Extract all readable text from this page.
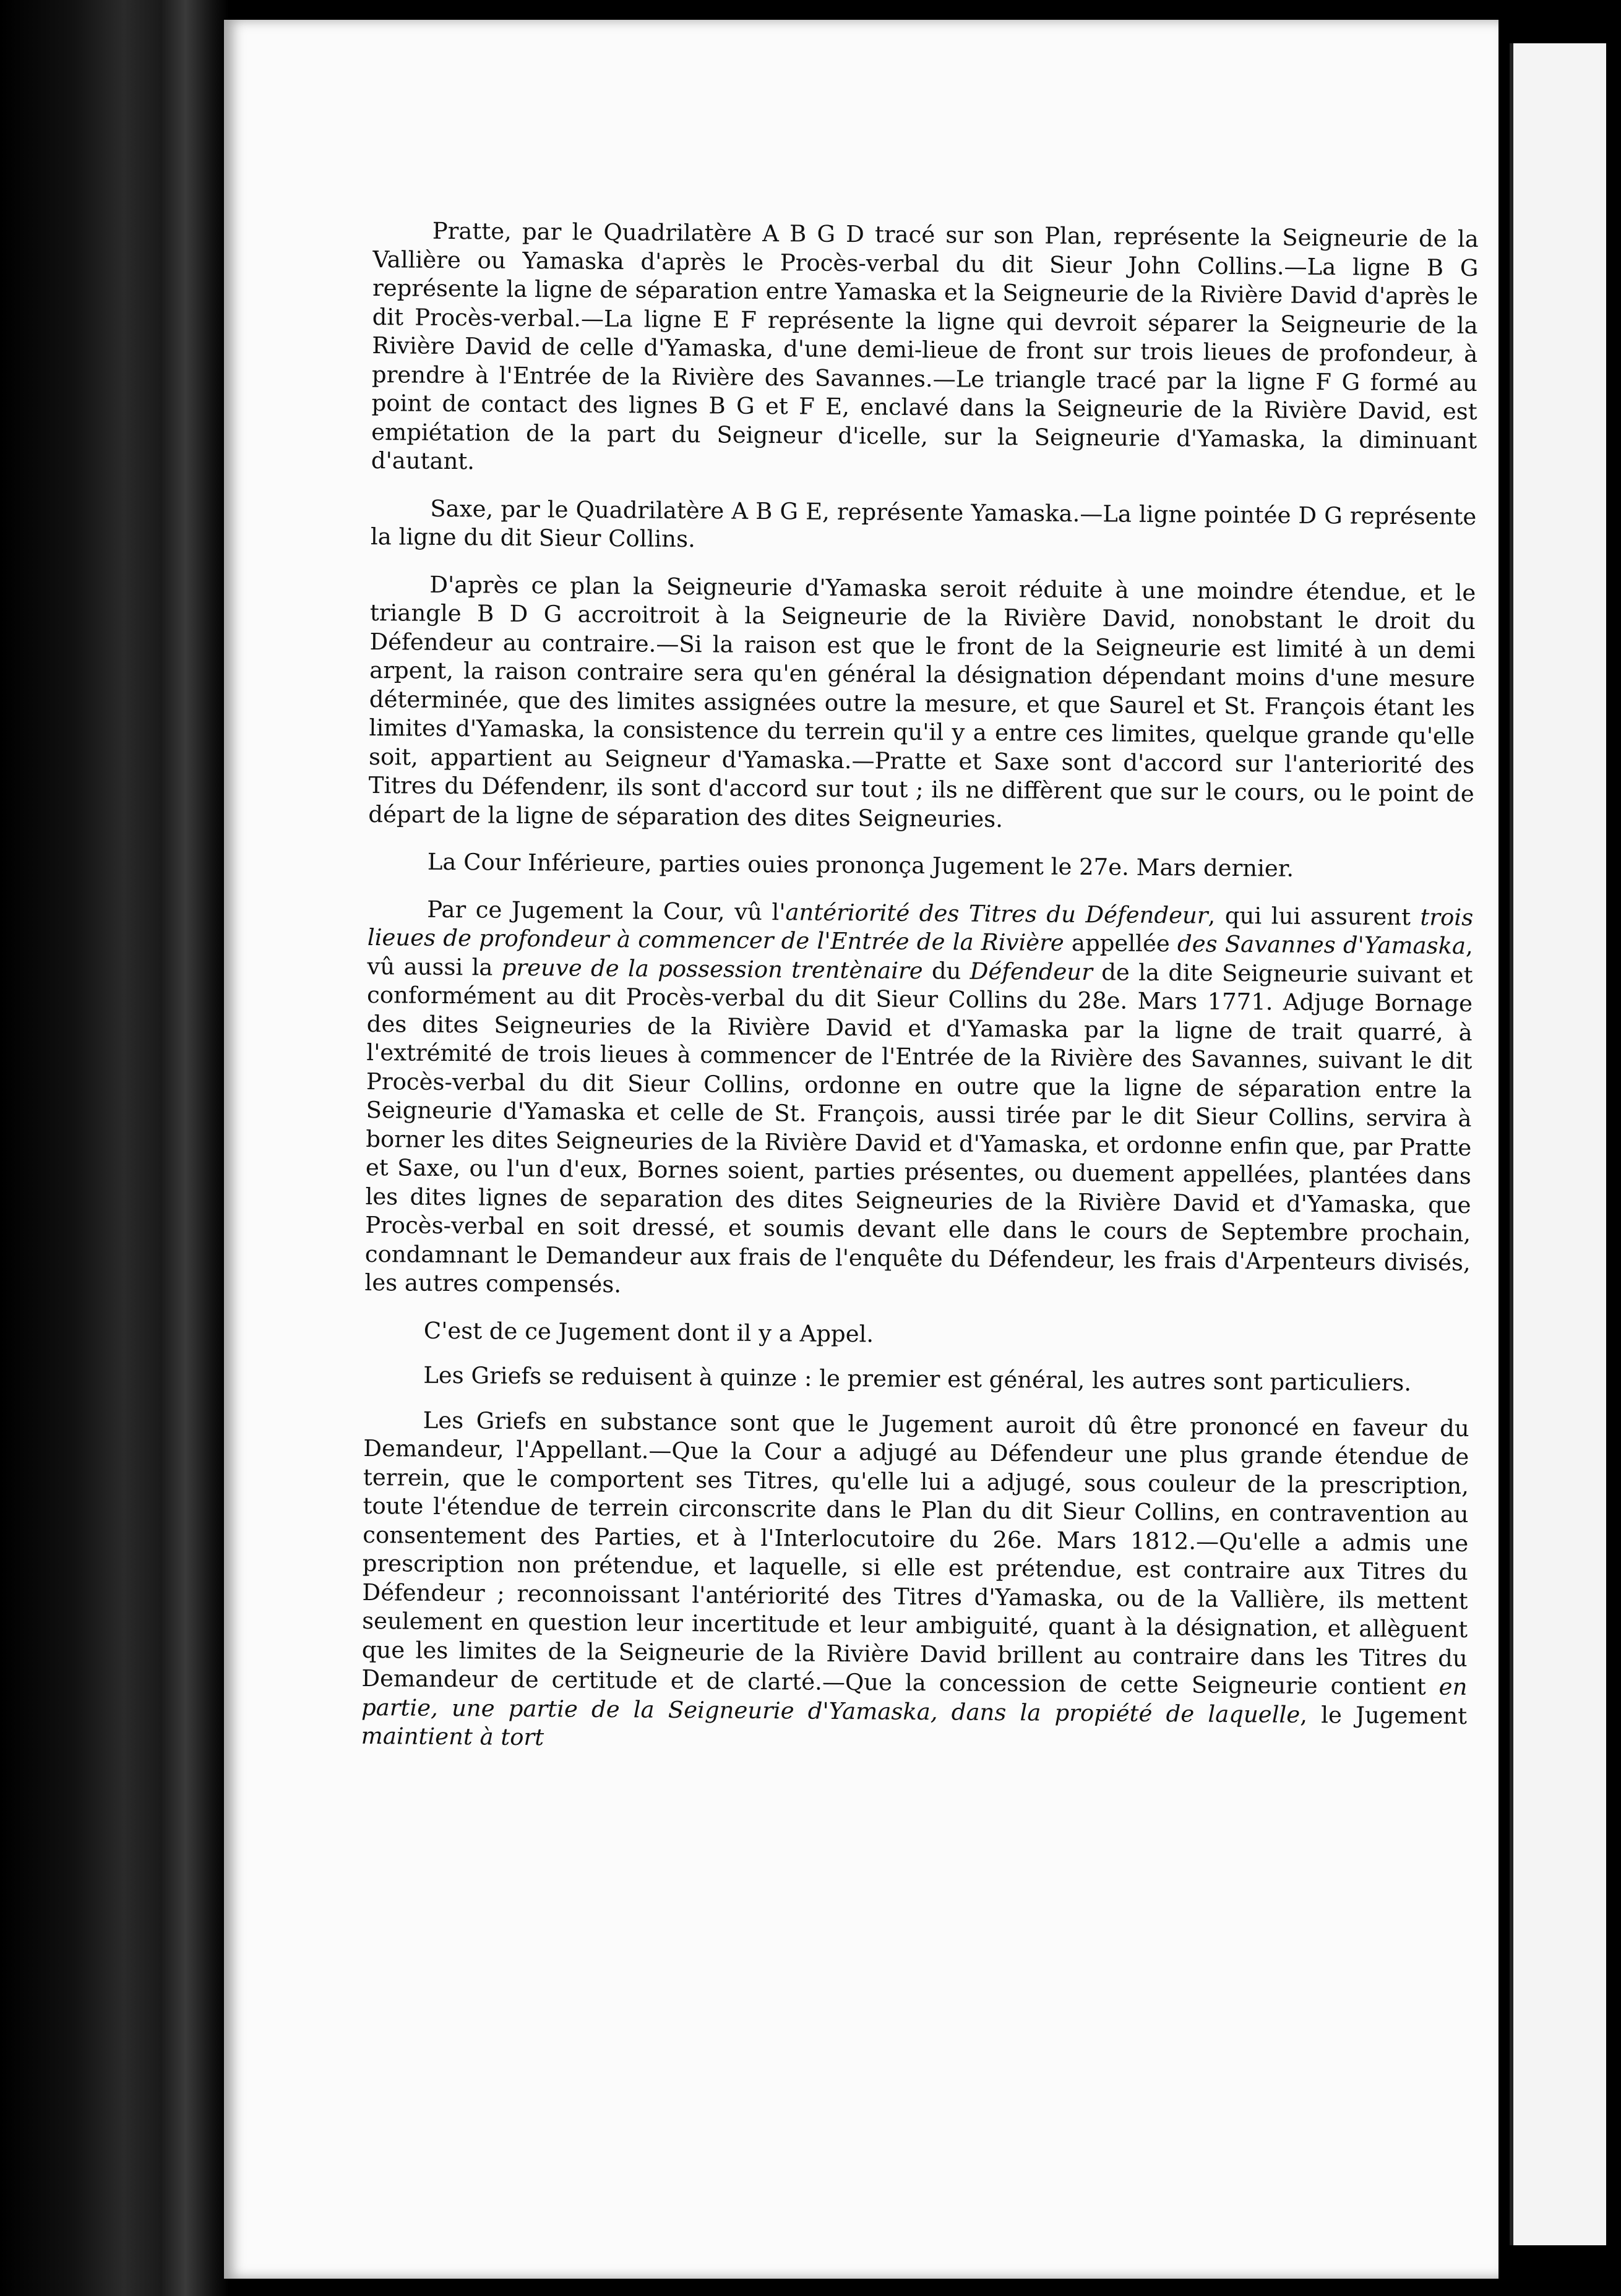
Pratte, par le Quadrilatère A B G D tracé sur son Plan, représente la Seigneurie de la Vallière ou Yamaska d'après le Procès-verbal du dit Sieur John Collins.—La ligne B G représente la ligne de séparation entre Yamaska et la Seigneurie de la Rivière David d'après le dit Procès-verbal.—La ligne E F représente la ligne qui devroit séparer la Seigneurie de la Rivière David de celle d'Yamaska, d'une demi-lieue de front sur trois lieues de profondeur, à prendre à l'Entrée de la Rivière des Savannes.—Le triangle tracé par la ligne F G formé au point de contact des lignes B G et F E, enclavé dans la Seigneurie de la Rivière David, est empiétation de la part du Seigneur d'icelle, sur la Seigneurie d'Yamaska, la diminuant d'autant.

Saxe, par le Quadrilatère A B G E, représente Yamaska.—La ligne pointée D G représente la ligne du dit Sieur Collins.

D'après ce plan la Seigneurie d'Yamaska seroit réduite à une moindre étendue, et le triangle B D G accroitroit à la Seigneurie de la Rivière David, nonobstant le droit du Défendeur au contraire.—Si la raison est que le front de la Seigneurie est limité à un demi arpent, la raison contraire sera qu'en général la désignation dépendant moins d'une mesure déterminée, que des limites assignées outre la mesure, et que Saurel et St. François étant les limites d'Yamaska, la consistence du terrein qu'il y a entre ces limites, quelque grande qu'elle soit, appartient au Seigneur d'Yamaska.—Pratte et Saxe sont d'accord sur l'anteriorité des Titres du Défendenr, ils sont d'accord sur tout ; ils ne diffèrent que sur le cours, ou le point de départ de la ligne de séparation des dites Seigneuries.

La Cour Inférieure, parties ouies prononça Jugement le 27e. Mars dernier.

Par ce Jugement la Cour, vû l'antériorité des Titres du Défendeur, qui lui assurent trois lieues de profondeur à commencer de l'Entrée de la Rivière appellée des Savannes d'Yamaska, vû aussi la preuve de la possession trentènaire du Défendeur de la dite Seigneurie suivant et conformément au dit Procès-verbal du dit Sieur Collins du 28e. Mars 1771. Adjuge Bornage des dites Seigneuries de la Rivière David et d'Yamaska par la ligne de trait quarré, à l'extrémité de trois lieues à commencer de l'Entrée de la Rivière des Savannes, suivant le dit Procès-verbal du dit Sieur Collins, ordonne en outre que la ligne de séparation entre la Seigneurie d'Yamaska et celle de St. François, aussi tirée par le dit Sieur Collins, servira à borner les dites Seigneuries de la Rivière David et d'Yamaska, et ordonne enfin que, par Pratte et Saxe, ou l'un d'eux, Bornes soient, parties présentes, ou duement appellées, plantées dans les dites lignes de separation des dites Seigneuries de la Rivière David et d'Yamaska, que Procès-verbal en soit dressé, et soumis devant elle dans le cours de Septembre prochain, condamnant le Demandeur aux frais de l'enquête du Défendeur, les frais d'Arpenteurs divisés, les autres compensés.

C'est de ce Jugement dont il y a Appel.

Les Griefs se reduisent à quinze : le premier est général, les autres sont particuliers.

Les Griefs en substance sont que le Jugement auroit dû être prononcé en faveur du Demandeur, l'Appellant.—Que la Cour a adjugé au Défendeur une plus grande étendue de terrein, que le comportent ses Titres, qu'elle lui a adjugé, sous couleur de la prescription, toute l'étendue de terrein circonscrite dans le Plan du dit Sieur Collins, en contravention au consentement des Parties, et à l'Interlocutoire du 26e. Mars 1812.—Qu'elle a admis une prescription non prétendue, et laquelle, si elle est prétendue, est contraire aux Titres du Défendeur ; reconnoissant l'antériorité des Titres d'Yamaska, ou de la Vallière, ils mettent seulement en question leur incertitude et leur ambiguité, quant à la désignation, et allèguent que les limites de la Seigneurie de la Rivière David brillent au contraire dans les Titres du Demandeur de certitude et de clarté.—Que la concession de cette Seigneurie contient en partie, une partie de la Seigneurie d'Yamaska, dans la propiété de laquelle, le Jugement maintient à tort
